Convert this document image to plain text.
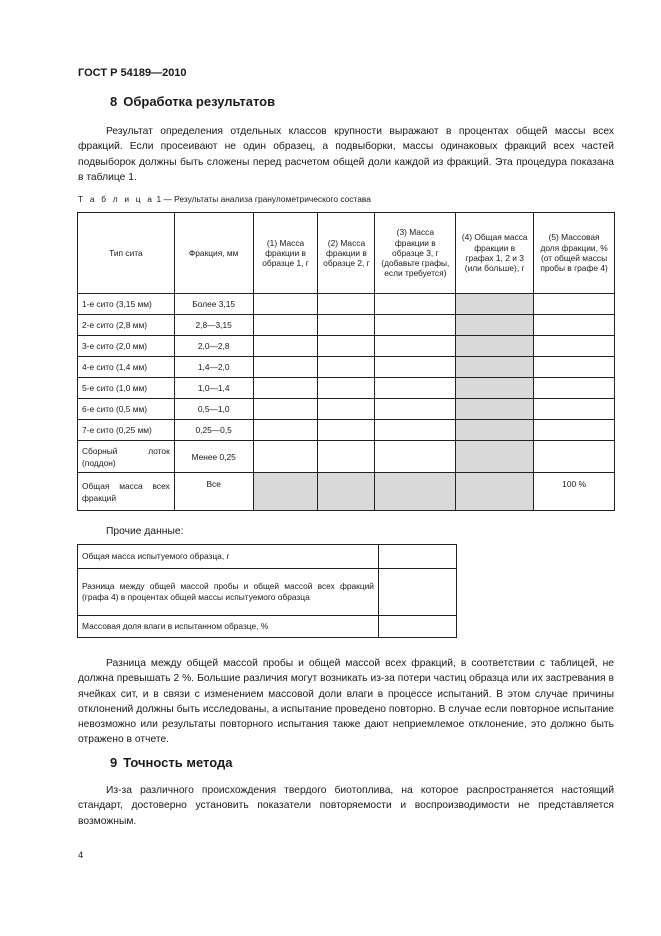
ГОСТ Р 54189—2010
8 Обработка результатов
Результат определения отдельных классов крупности выражают в процентах общей массы всех фракций. Если просеивают не один образец, а подвыборки, массы одинаковых фракций всех частей подвыборок должны быть сложены перед расчетом общей доли каждой из фракций. Эта процедура показана в таблице 1.
Т а б л и ц а 1 — Результаты анализа гранулометрического состава
Тип сита	Фракция, мм	(1) Масса фракции в образце 1, г	(2) Масса фракции в образце 2, г	(3) Масса фракции в образце 3, г (добавьте графы, если требуется)	(4) Общая масса фракции в графах 1, 2 и 3 (или больше), г	(5) Массовая доля фракции, % (от общей массы пробы в графе 4)
1-е сито (3,15 мм)	Более 3,15					
2-е сито (2,8 мм)	2,8—3,15					
3-е сито (2,0 мм)	2,0—2,8					
4-е сито (1,4 мм)	1,4—2,0					
5-е сито (1,0 мм)	1,0—1,4					
6-е сито (0,5 мм)	0,5—1,0					
7-е сито (0,25 мм)	0,25—0,5					
Сборный лоток (поддон)	Менее 0,25					
Общая масса всех фракций	Все					100 %
Прочие данные:
Общая масса испытуемого образца, г	
Разница между общей массой пробы и общей массой всех фракций (графа 4) в процентах общей массы испытуемого образца	
Массовая доля влаги в испытанном образце, %	
Разница между общей массой пробы и общей массой всех фракций, в соответствии с таблицей, не должна превышать 2 %. Большие различия могут возникать из-за потери частиц образца или их застревания в ячейках сит, и в связи с изменением массовой доли влаги в процессе испытаний. В этом случае причины отклонений должны быть исследованы, а испытание проведено повторно. В случае если повторное испытание невозможно или результаты повторного испытания также дают неприемлемое отклонение, это должно быть отражено в отчете.
9 Точность метода
Из-за различного происхождения твердого биотоплива, на которое распространяется настоящий стандарт, достоверно установить показатели повторяемости и воспроизводимости не представляется возможным.
4
